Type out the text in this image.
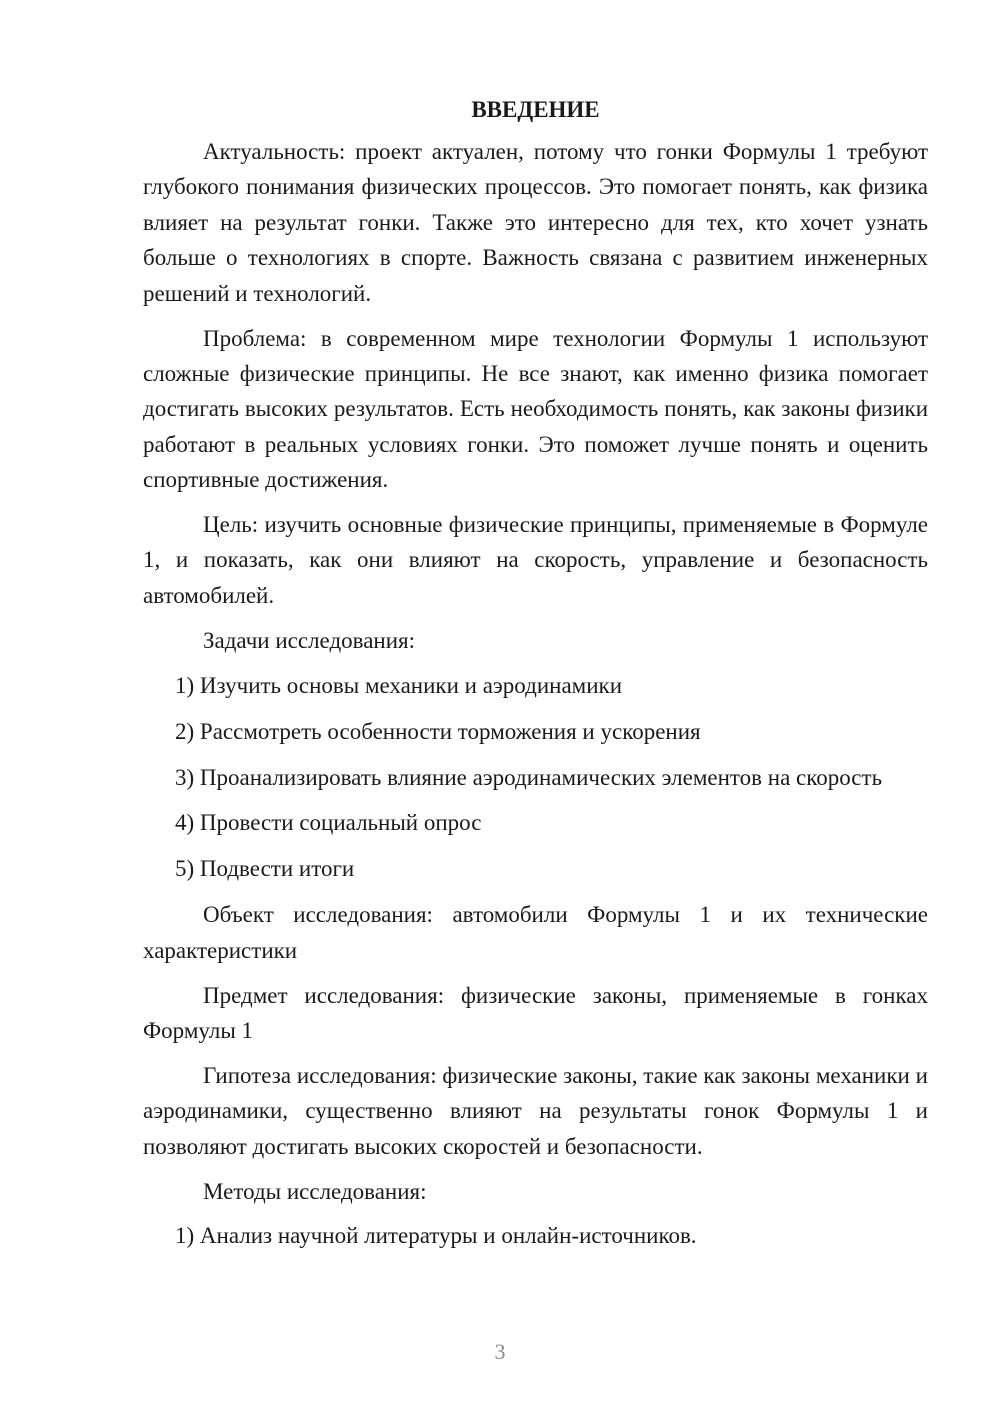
ВВЕДЕНИЕ

Актуальность: проект актуален, потому что гонки Формулы 1 требуют глубокого понимания физических процессов. Это помогает понять, как физика влияет на результат гонки. Также это интересно для тех, кто хочет узнать больше о технологиях в спорте. Важность связана с развитием инженерных решений и технологий.

Проблема: в современном мире технологии Формулы 1 используют сложные физические принципы. Не все знают, как именно физика помогает достигать высоких результатов. Есть необходимость понять, как законы физики работают в реальных условиях гонки. Это поможет лучше понять и оценить спортивные достижения.

Цель: изучить основные физические принципы, применяемые в Формуле 1, и показать, как они влияют на скорость, управление и безопасность автомобилей.

Задачи исследования:

1) Изучить основы механики и аэродинамики

2) Рассмотреть особенности торможения и ускорения

3) Проанализировать влияние аэродинамических элементов на скорость

4) Провести социальный опрос

5) Подвести итоги

Объект исследования: автомобили Формулы 1 и их технические характеристики

Предмет исследования: физические законы, применяемые в гонках Формулы 1

Гипотеза исследования: физические законы, такие как законы механики и аэродинамики, существенно влияют на результаты гонок Формулы 1 и позволяют достигать высоких скоростей и безопасности.

Методы исследования:

1) Анализ научной литературы и онлайн-источников.

3
